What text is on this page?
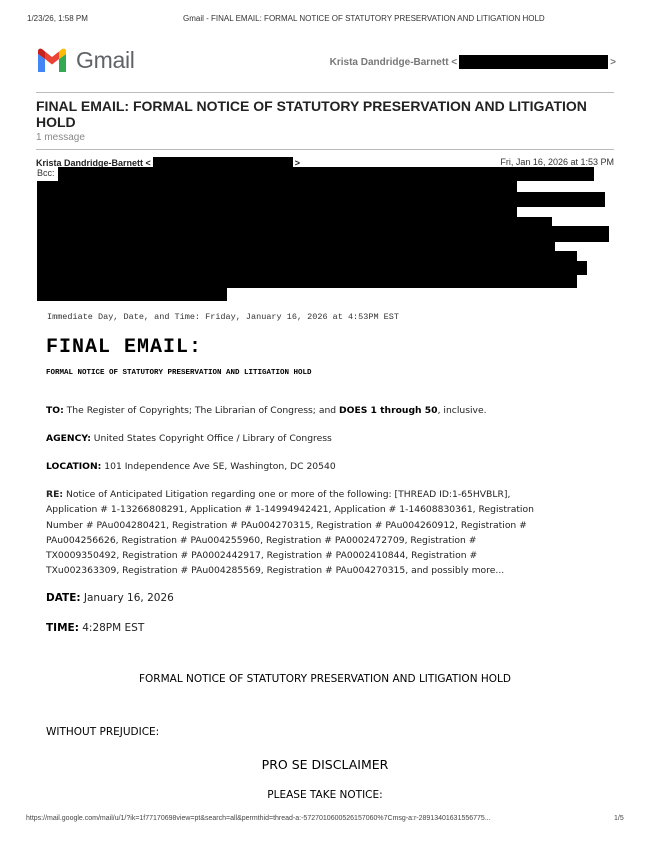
1/23/26, 1:58 PM	Gmail - FINAL EMAIL: FORMAL NOTICE OF STATUTORY PRESERVATION AND LITIGATION HOLD
Gmail	Krista Dandridge-Barnett <	>
FINAL EMAIL: FORMAL NOTICE OF STATUTORY PRESERVATION AND LITIGATION HOLD
1 message
Krista Dandridge-Barnett <	>	Fri, Jan 16, 2026 at 1:53 PM
Bcc:
Immediate Day, Date, and Time: Friday, January 16, 2026 at 4:53PM EST
FINAL EMAIL:
FORMAL NOTICE OF STATUTORY PRESERVATION AND LITIGATION HOLD
TO: The Register of Copyrights; The Librarian of Congress; and DOES 1 through 50, inclusive.
AGENCY: United States Copyright Office / Library of Congress
LOCATION: 101 Independence Ave SE, Washington, DC 20540
RE: Notice of Anticipated Litigation regarding one or more of the following: [THREAD ID:1-65HVBLR],
Application # 1-13266808291, Application # 1-14994942421, Application # 1-14608830361, Registration
Number # PAu004280421, Registration # PAu004270315, Registration # PAu004260912, Registration #
PAu004256626, Registration # PAu004255960, Registration # PA0002472709, Registration #
TX0009350492, Registration # PA0002442917, Registration # PA0002410844, Registration #
TXu002363309, Registration # PAu004285569, Registration # PAu004270315, and possibly more...
DATE: January 16, 2026
TIME: 4:28PM EST
FORMAL NOTICE OF STATUTORY PRESERVATION AND LITIGATION HOLD
WITHOUT PREJUDICE:
PRO SE DISCLAIMER
PLEASE TAKE NOTICE:
https://mail.google.com/mail/u/1/?ik=1f77170698view=pt&search=all&permthid=thread-a:-5727010600526157060%7Cmsg-a:r-28913401631556775...	1/5
